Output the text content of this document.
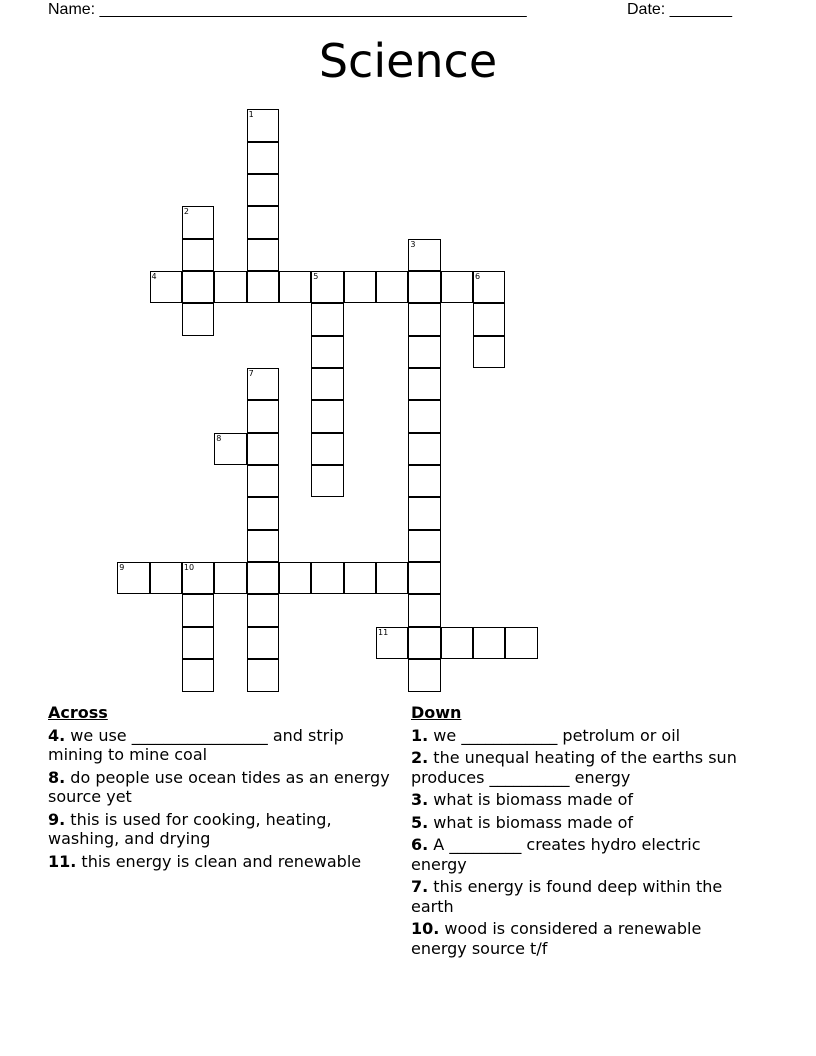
Name: ________________________________________________	Date: _______
Science
1
2
3
4	5	6
7
8
9	10
11
Across
4. we use _________________ and strip mining to mine coal
8. do people use ocean tides as an energy source yet
9. this is used for cooking, heating, washing, and drying
11. this energy is clean and renewable
Down
1. we ____________ petrolum or oil
2. the unequal heating of the earths sun produces __________ energy
3. what is biomass made of
5. what is biomass made of
6. A _________ creates hydro electric energy
7. this energy is found deep within the earth
10. wood is considered a renewable energy source t/f
